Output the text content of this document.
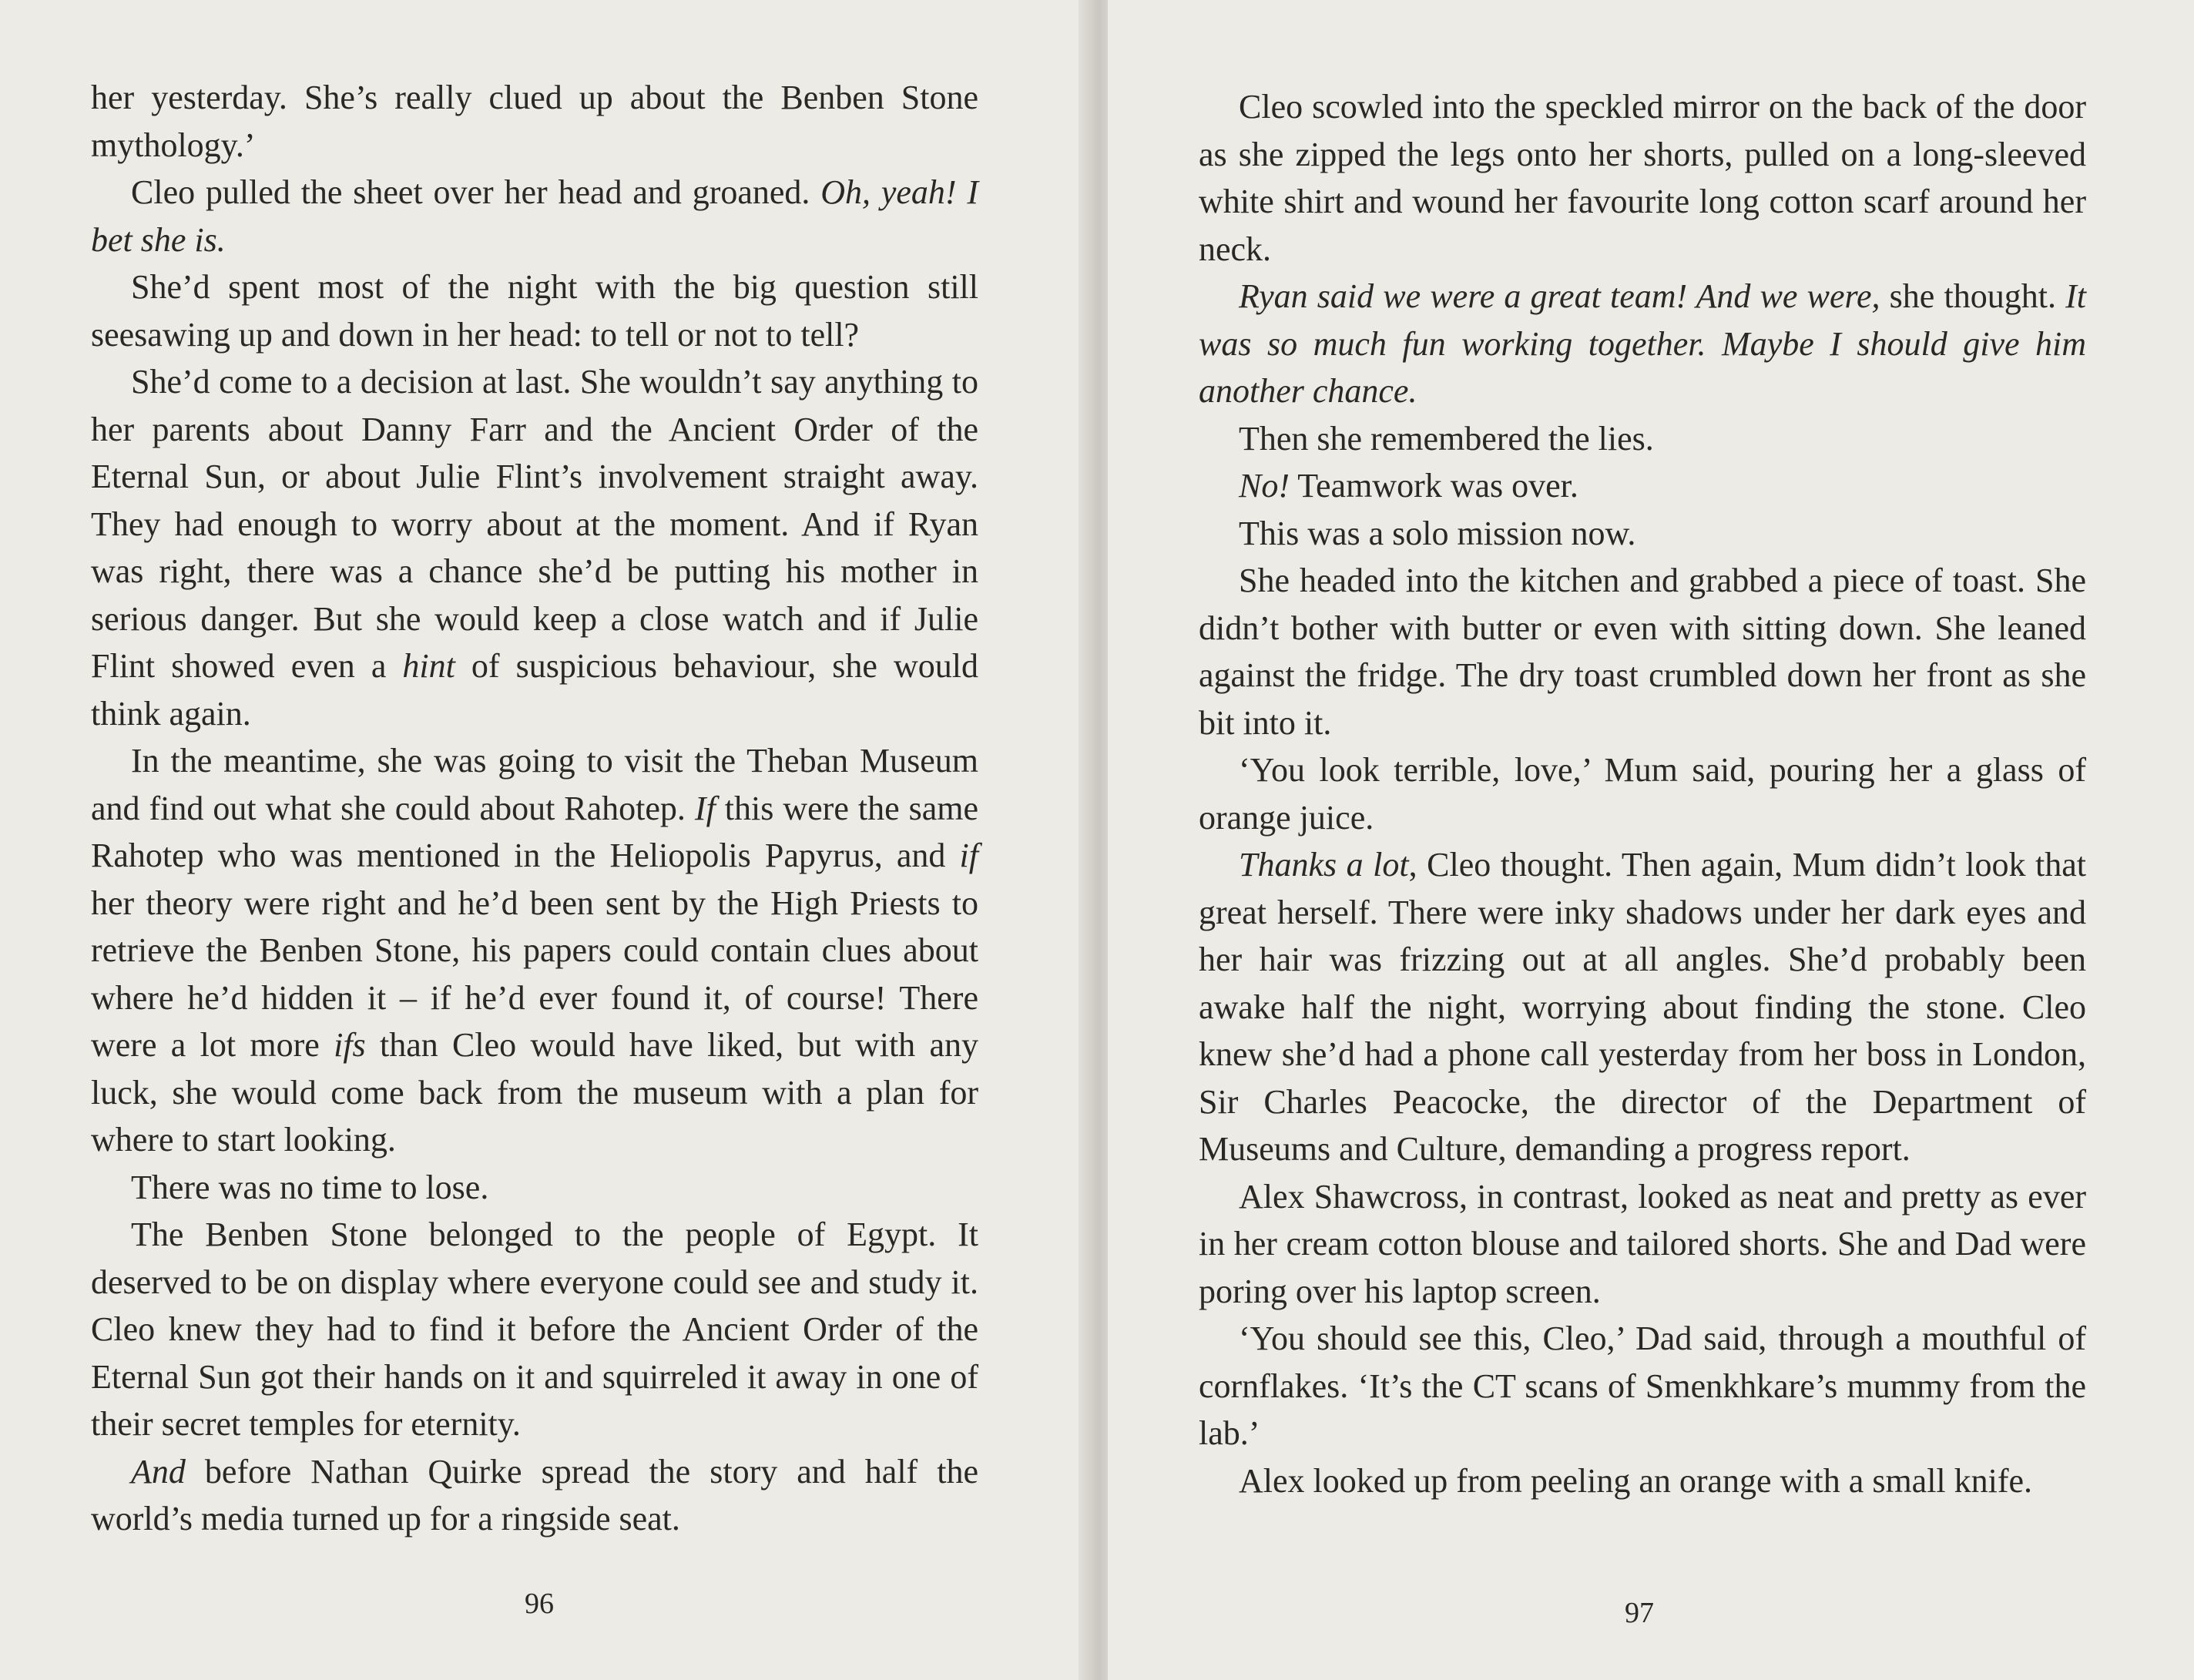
her yesterday. She’s really clued up about the Benben Stone mythology.’

Cleo pulled the sheet over her head and groaned. Oh, yeah! I bet she is.

She’d spent most of the night with the big question still seesawing up and down in her head: to tell or not to tell?

She’d come to a decision at last. She wouldn’t say anything to her parents about Danny Farr and the Ancient Order of the Eternal Sun, or about Julie Flint’s involvement straight away. They had enough to worry about at the moment. And if Ryan was right, there was a chance she’d be putting his mother in serious danger. But she would keep a close watch and if Julie Flint showed even a hint of suspicious behaviour, she would think again.

In the meantime, she was going to visit the Theban Museum and find out what she could about Rahotep. If this were the same Rahotep who was mentioned in the Heliopolis Papyrus, and if her theory were right and he’d been sent by the High Priests to retrieve the Benben Stone, his papers could contain clues about where he’d hidden it – if he’d ever found it, of course! There were a lot more ifs than Cleo would have liked, but with any luck, she would come back from the museum with a plan for where to start looking.

There was no time to lose.

The Benben Stone belonged to the people of Egypt. It deserved to be on display where everyone could see and study it. Cleo knew they had to find it before the Ancient Order of the Eternal Sun got their hands on it and squirreled it away in one of their secret temples for eternity.

And before Nathan Quirke spread the story and half the world’s media turned up for a ringside seat.

96

Cleo scowled into the speckled mirror on the back of the door as she zipped the legs onto her shorts, pulled on a long-sleeved white shirt and wound her favourite long cotton scarf around her neck.

Ryan said we were a great team! And we were, she thought. It was so much fun working together. Maybe I should give him another chance.

Then she remembered the lies.

No! Teamwork was over.

This was a solo mission now.

She headed into the kitchen and grabbed a piece of toast. She didn’t bother with butter or even with sitting down. She leaned against the fridge. The dry toast crumbled down her front as she bit into it.

‘You look terrible, love,’ Mum said, pouring her a glass of orange juice.

Thanks a lot, Cleo thought. Then again, Mum didn’t look that great herself. There were inky shadows under her dark eyes and her hair was frizzing out at all angles. She’d probably been awake half the night, worrying about finding the stone. Cleo knew she’d had a phone call yesterday from her boss in London, Sir Charles Peacocke, the director of the Department of Museums and Culture, demanding a progress report.

Alex Shawcross, in contrast, looked as neat and pretty as ever in her cream cotton blouse and tailored shorts. She and Dad were poring over his laptop screen.

‘You should see this, Cleo,’ Dad said, through a mouthful of cornflakes. ‘It’s the CT scans of Smenkhkare’s mummy from the lab.’

Alex looked up from peeling an orange with a small knife.

97
